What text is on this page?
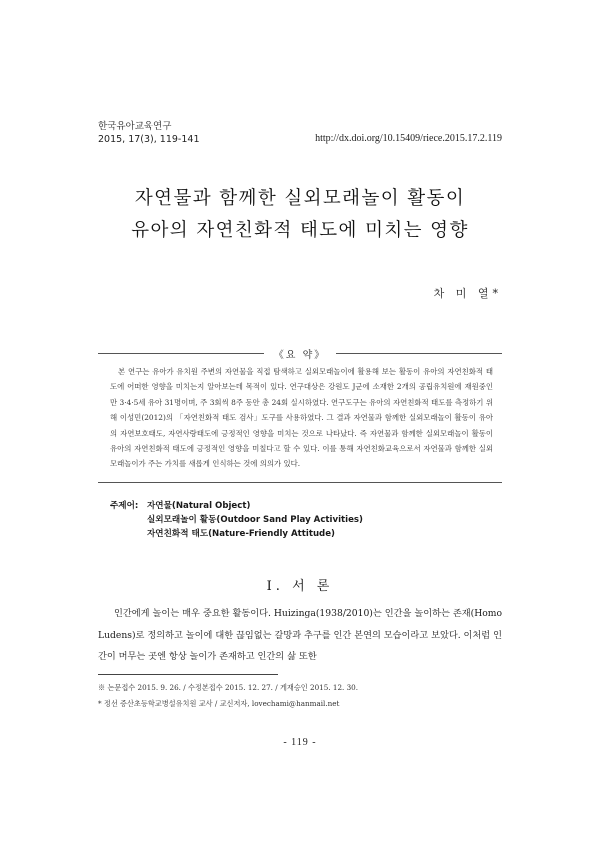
한국유아교육연구
2015, 17(3), 119-141	http://dx.doi.org/10.15409/riece.2015.17.2.119
자연물과 함께한 실외모래놀이 활동이
유아의 자연친화적 태도에 미치는 영향
차 미 열*
《요 약》
본 연구는 유아가 유치원 주변의 자연물을 직접 탐색하고 실외모래놀이에 활용해 보는 활동이 유아의 자연친화적 태도에 어떠한 영향을 미치는지 알아보는데 목적이 있다. 연구대상은 강원도 J군에 소재한 2개의 공립유치원에 재원중인 만 3·4·5세 유아 31명이며, 주 3회씩 8주 동안 총 24회 실시하였다. 연구도구는 유아의 자연친화적 태도를 측정하기 위해 이성민(2012)의 「자연친화적 태도 검사」도구를 사용하였다. 그 결과 자연물과 함께한 실외모래놀이 활동이 유아의 자연보호태도, 자연사랑태도에 긍정적인 영향을 미치는 것으로 나타났다. 즉 자연물과 함께한 실외모래놀이 활동이 유아의 자연친화적 태도에 긍정적인 영향을 미칠다고 할 수 있다. 이를 통해 자연친화교육으로서 자연물과 함께한 실외모래놀이가 주는 가치를 새롭게 인식하는 것에 의의가 있다.
주제어:	자연물(Natural Object)
실외모래놀이 활동(Outdoor Sand Play Activities)
자연친화적 태도(Nature-Friendly Attitude)
Ⅰ. 서 론
인간에게 놀이는 매우 중요한 활동이다. Huizinga(1938/2010)는 인간을 놀이하는 존재(Homo Ludens)로 정의하고 놀이에 대한 끊임없는 갈망과 추구를 인간 본연의 모습이라고 보았다. 이처럼 인간이 머무는 곳엔 항상 놀이가 존재하고 인간의 삶 또한
※ 논문접수 2015. 9. 26. / 수정본접수 2015. 12. 27. / 게재승인 2015. 12. 30.
* 정선 증산초등학교병설유치원 교사 / 교신저자, lovechami@hanmail.net
- 119 -
